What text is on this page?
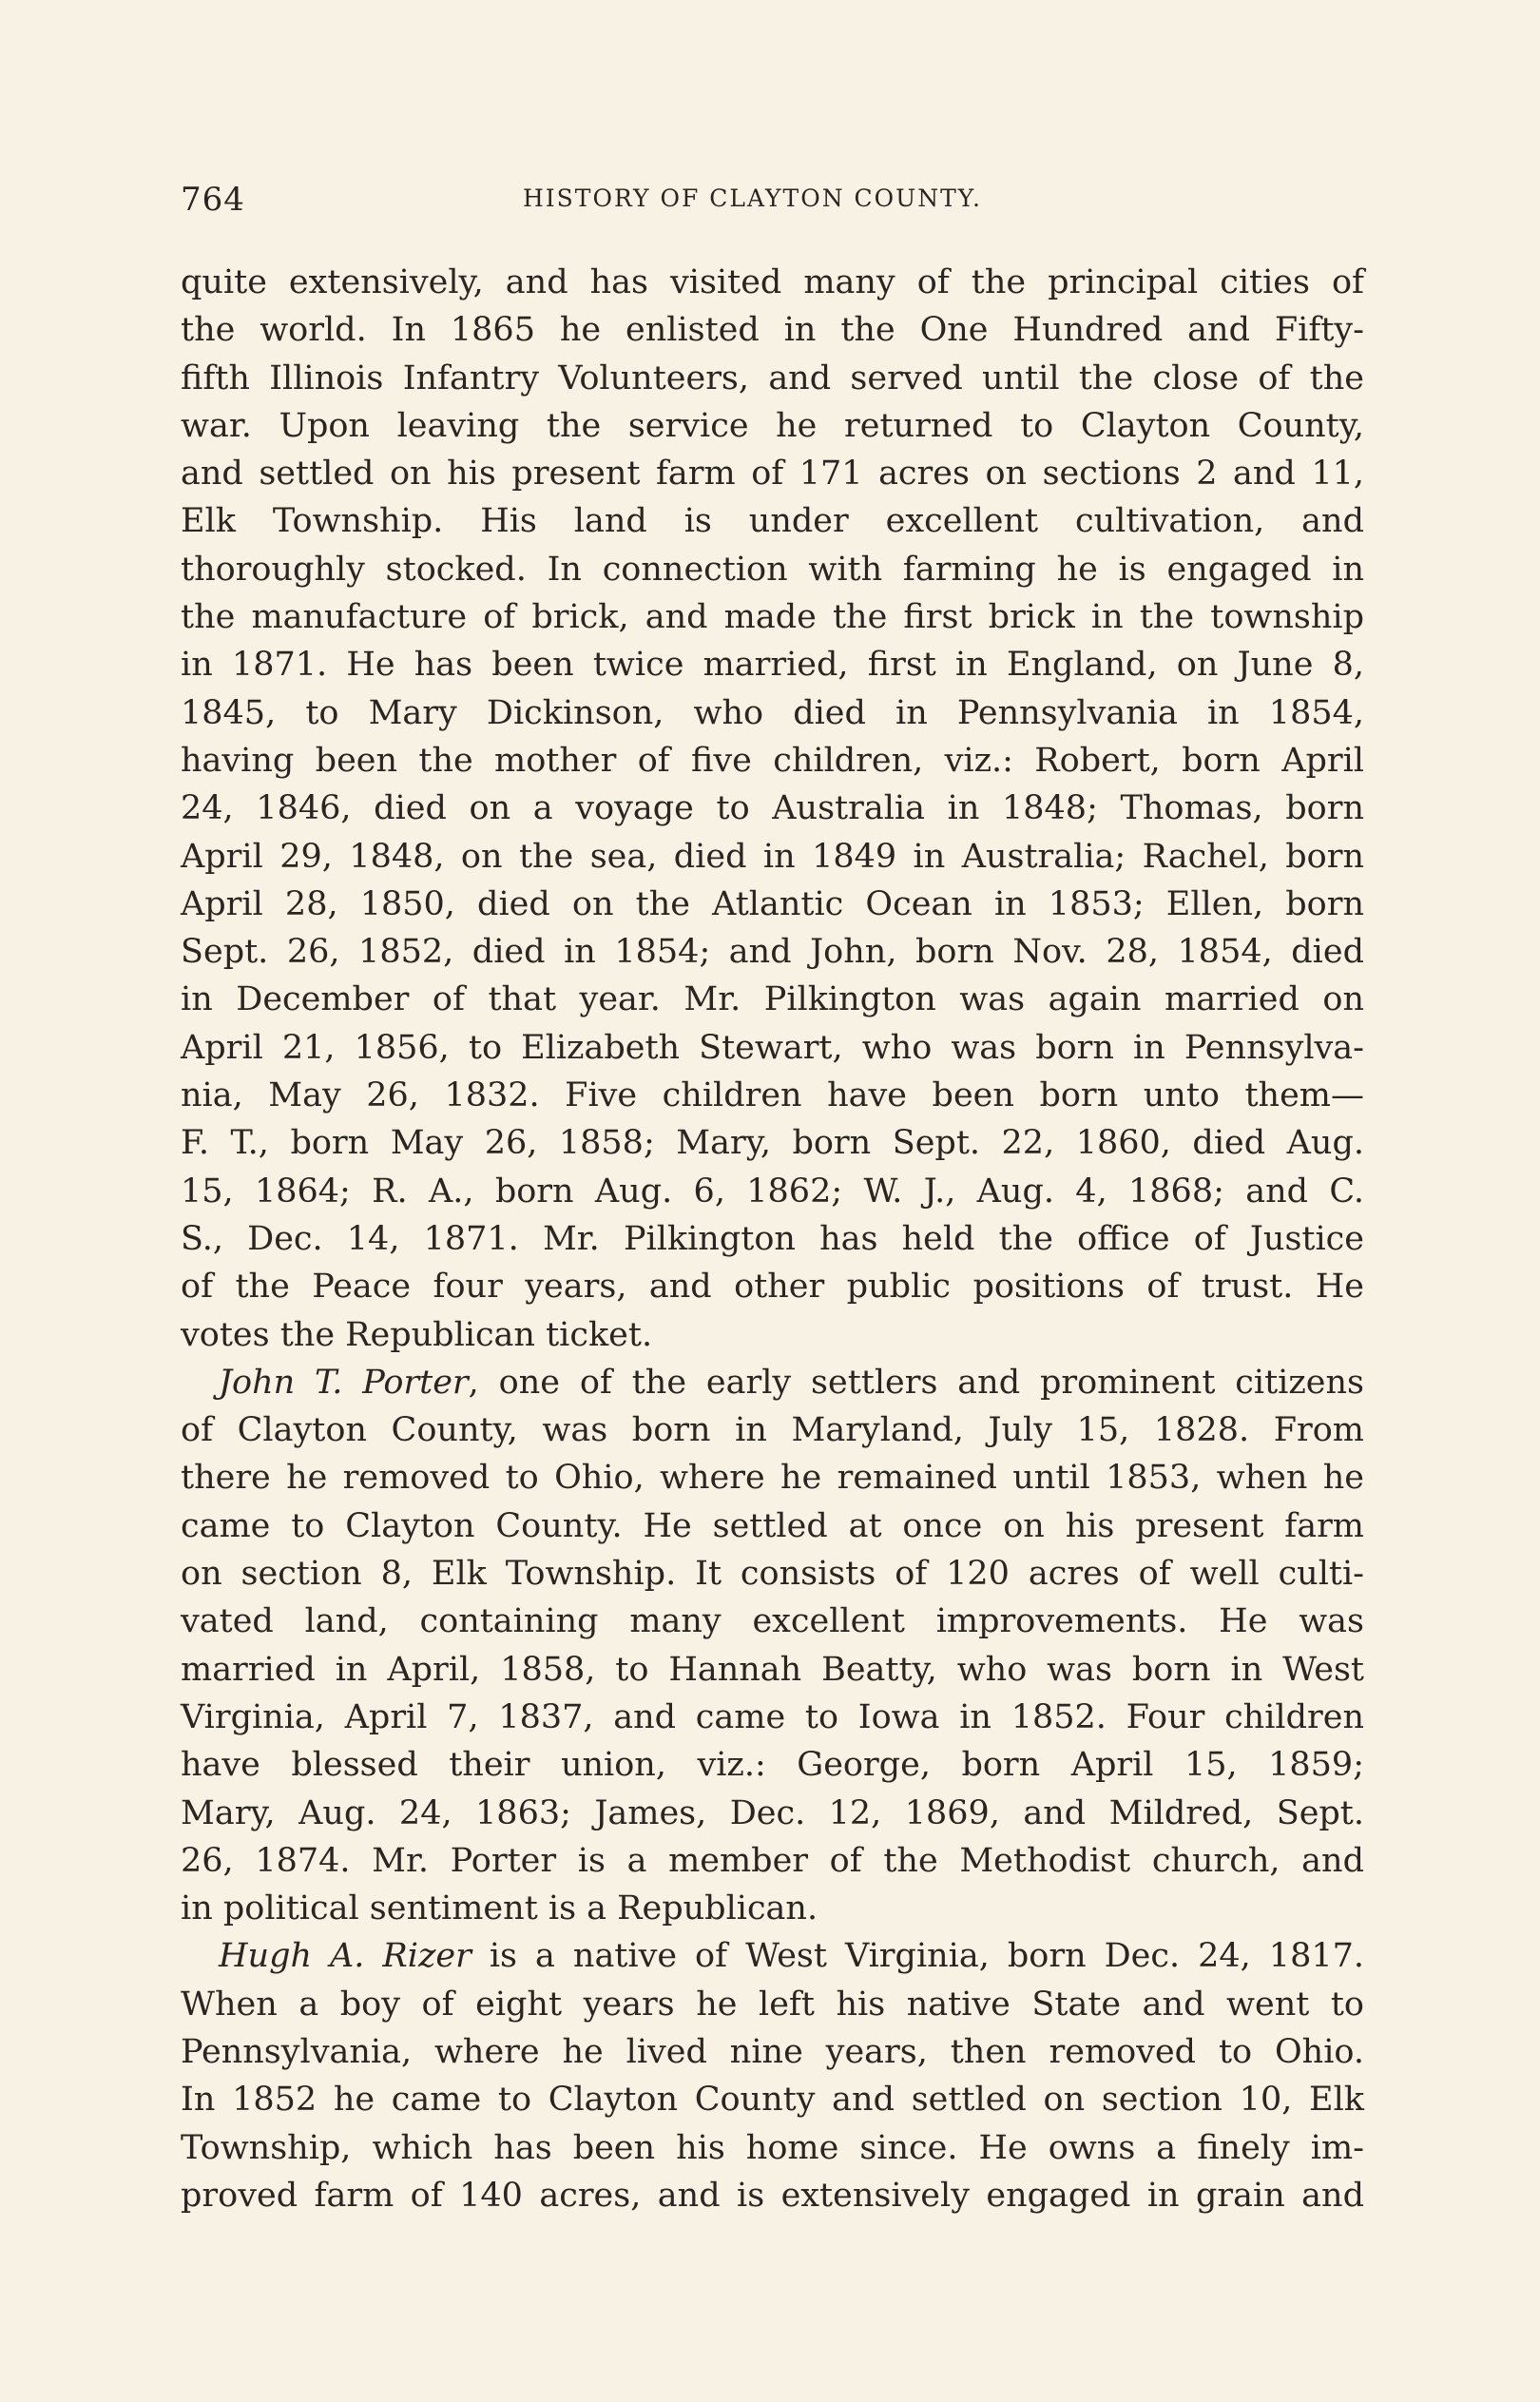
764	HISTORY OF CLAYTON COUNTY.
quite extensively, and has visited many of the principal cities of
the world. In 1865 he enlisted in the One Hundred and Fifty-
fifth Illinois Infantry Volunteers, and served until the close of the
war. Upon leaving the service he returned to Clayton County,
and settled on his present farm of 171 acres on sections 2 and 11,
Elk Township. His land is under excellent cultivation, and
thoroughly stocked. In connection with farming he is engaged in
the manufacture of brick, and made the first brick in the township
in 1871. He has been twice married, first in England, on June 8,
1845, to Mary Dickinson, who died in Pennsylvania in 1854,
having been the mother of five children, viz.: Robert, born April
24, 1846, died on a voyage to Australia in 1848; Thomas, born
April 29, 1848, on the sea, died in 1849 in Australia; Rachel, born
April 28, 1850, died on the Atlantic Ocean in 1853; Ellen, born
Sept. 26, 1852, died in 1854; and John, born Nov. 28, 1854, died
in December of that year. Mr. Pilkington was again married on
April 21, 1856, to Elizabeth Stewart, who was born in Pennsylva-
nia, May 26, 1832. Five children have been born unto them—
F. T., born May 26, 1858; Mary, born Sept. 22, 1860, died Aug.
15, 1864; R. A., born Aug. 6, 1862; W. J., Aug. 4, 1868; and C.
S., Dec. 14, 1871. Mr. Pilkington has held the office of Justice
of the Peace four years, and other public positions of trust. He
votes the Republican ticket.
John T. Porter, one of the early settlers and prominent citizens
of Clayton County, was born in Maryland, July 15, 1828. From
there he removed to Ohio, where he remained until 1853, when he
came to Clayton County. He settled at once on his present farm
on section 8, Elk Township. It consists of 120 acres of well culti-
vated land, containing many excellent improvements. He was
married in April, 1858, to Hannah Beatty, who was born in West
Virginia, April 7, 1837, and came to Iowa in 1852. Four children
have blessed their union, viz.: George, born April 15, 1859;
Mary, Aug. 24, 1863; James, Dec. 12, 1869, and Mildred, Sept.
26, 1874. Mr. Porter is a member of the Methodist church, and
in political sentiment is a Republican.
Hugh A. Rizer is a native of West Virginia, born Dec. 24, 1817.
When a boy of eight years he left his native State and went to
Pennsylvania, where he lived nine years, then removed to Ohio.
In 1852 he came to Clayton County and settled on section 10, Elk
Township, which has been his home since. He owns a finely im-
proved farm of 140 acres, and is extensively engaged in grain and
